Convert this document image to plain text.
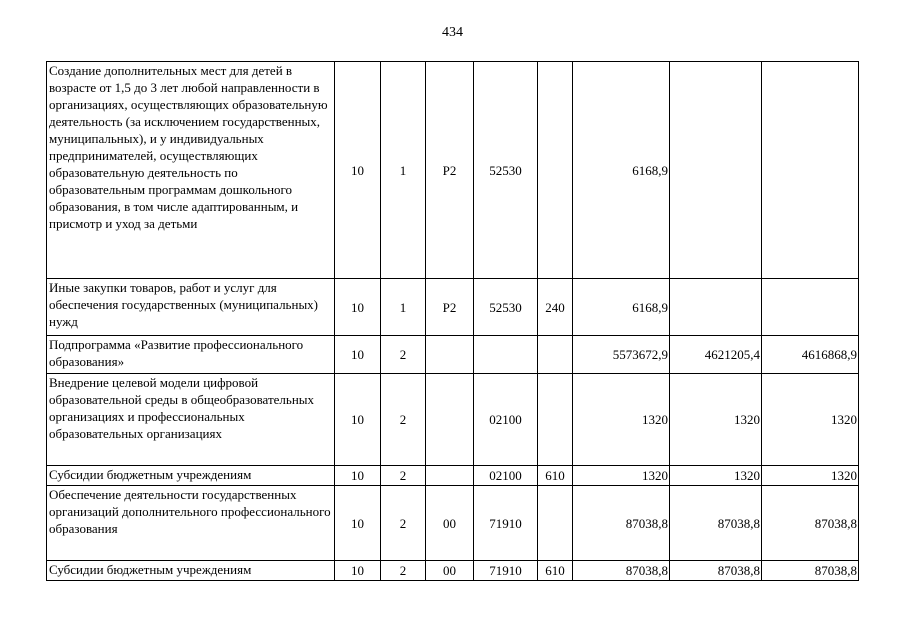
434
Создание дополнительных мест для детей в возрасте от 1,5 до 3 лет любой направленности в организациях, осуществляющих образовательную деятельность (за исключением государственных, муниципальных), и у индивидуальных предпринимателей, осуществляющих образовательную деятельность по образовательным программам дошкольного образования, в том числе адаптированным, и присмотр и уход за детьми	10	1	Р2	52530		6168,9		
Иные закупки товаров, работ и услуг для обеспечения государственных (муниципальных) нужд	10	1	Р2	52530	240	6168,9		
Подпрограмма «Развитие профессионального образования»	10	2				5573672,9	4621205,4	4616868,9
Внедрение целевой модели цифровой образовательной среды в общеобразовательных организациях и профессиональных образовательных организациях	10	2		02100		1320	1320	1320
Субсидии бюджетным учреждениям	10	2		02100	610	1320	1320	1320
Обеспечение деятельности государственных организаций дополнительного профессионального образования	10	2	00	71910		87038,8	87038,8	87038,8
Субсидии бюджетным учреждениям	10	2	00	71910	610	87038,8	87038,8	87038,8
